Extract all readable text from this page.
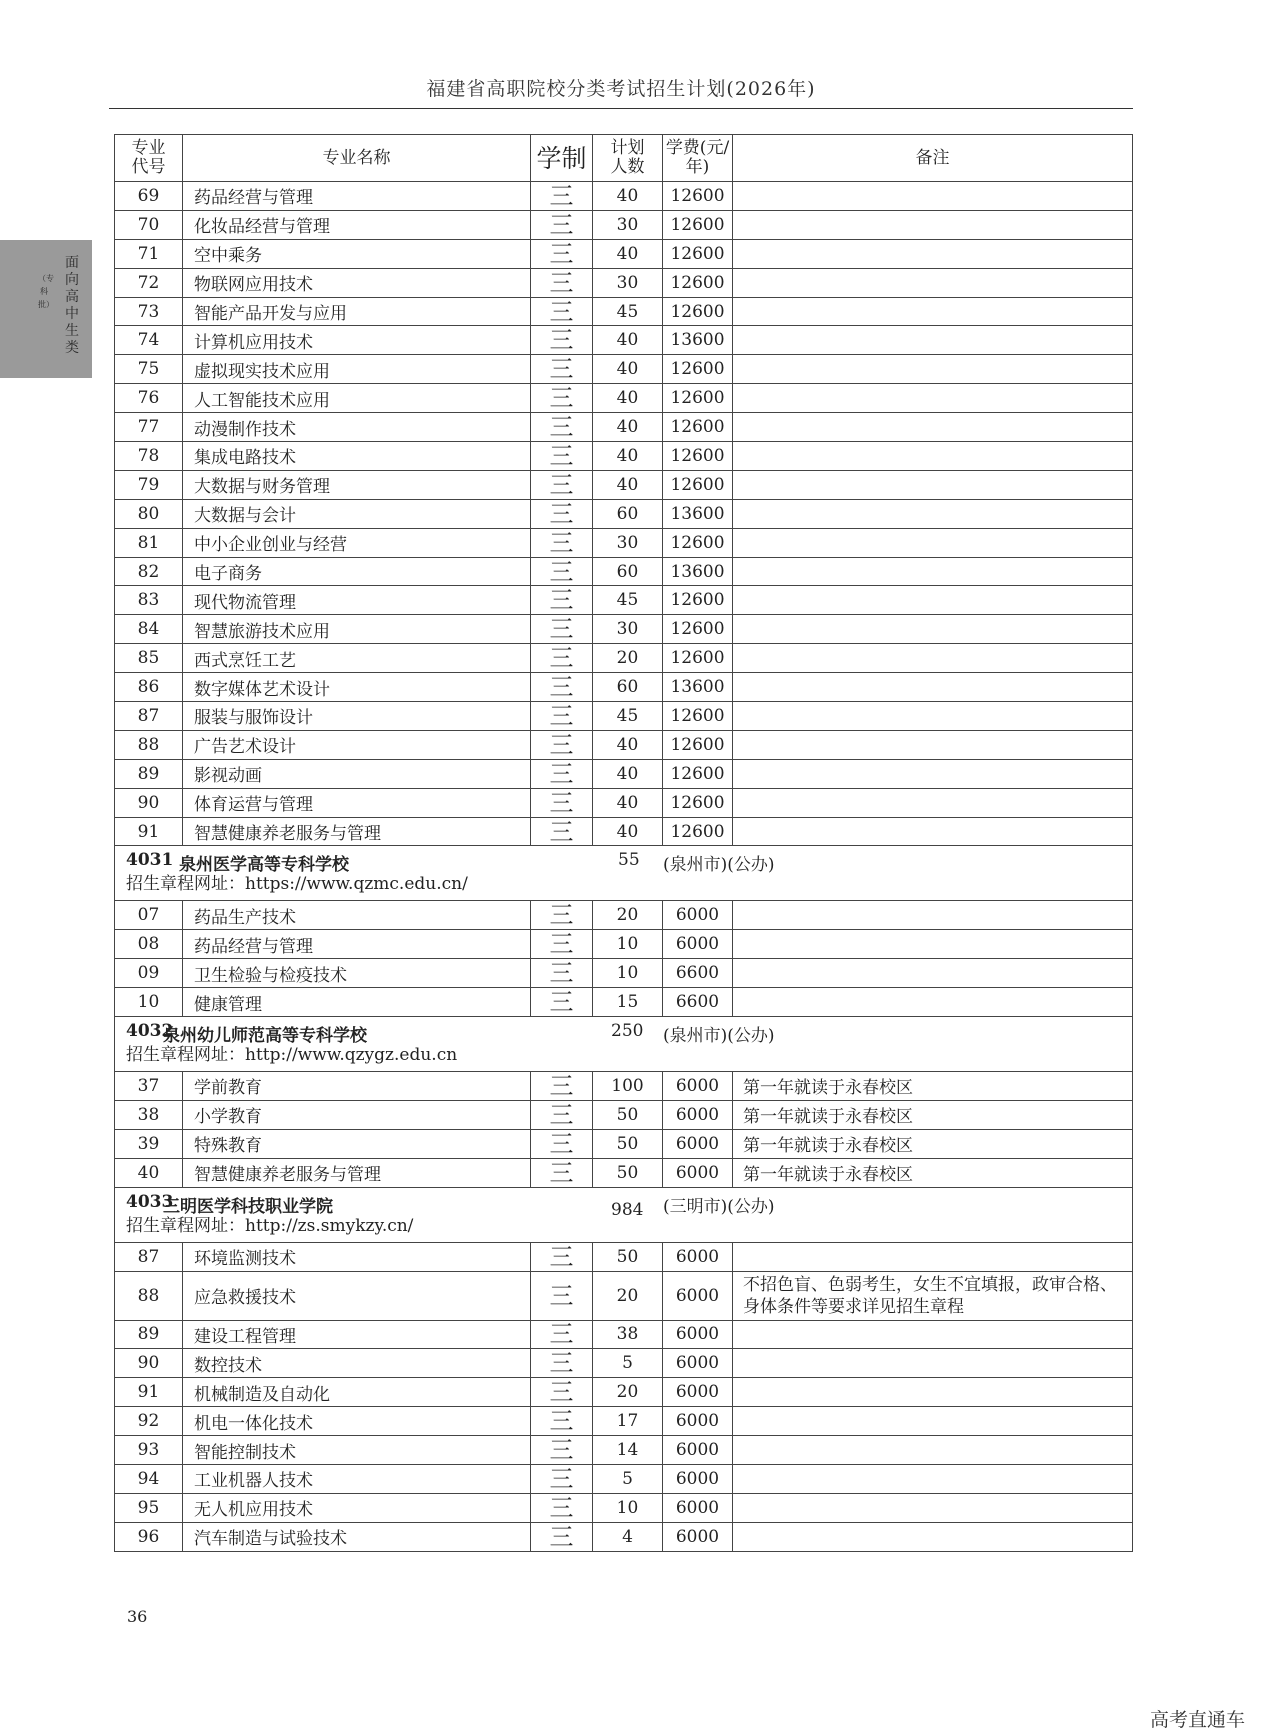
福建省高职院校分类考试招生计划(2026年)
面向高中生类
（专科批）
专业代号	专业名称	学制	计划人数	学费(元/年)	备注
69	药品经营与管理	三	40	12600	
70	化妆品经营与管理	三	30	12600	
71	空中乘务	三	40	12600	
72	物联网应用技术	三	30	12600	
73	智能产品开发与应用	三	45	12600	
74	计算机应用技术	三	40	13600	
75	虚拟现实技术应用	三	40	12600	
76	人工智能技术应用	三	40	12600	
77	动漫制作技术	三	40	12600	
78	集成电路技术	三	40	12600	
79	大数据与财务管理	三	40	12600	
80	大数据与会计	三	60	13600	
81	中小企业创业与经营	三	30	12600	
82	电子商务	三	60	13600	
83	现代物流管理	三	45	12600	
84	智慧旅游技术应用	三	30	12600	
85	西式烹饪工艺	三	20	12600	
86	数字媒体艺术设计	三	60	13600	
87	服装与服饰设计	三	45	12600	
88	广告艺术设计	三	40	12600	
89	影视动画	三	40	12600	
90	体育运营与管理	三	40	12600	
91	智慧健康养老服务与管理	三	40	12600	

4031 泉州医学高等专科学校 55 (泉州市)(公办)
招生章程网址：https://www.qzmc.edu.cn/					

07	药品生产技术	三	20	6000	
08	药品经营与管理	三	10	6000	
09	卫生检验与检疫技术	三	10	6600	
10	健康管理	三	15	6600	

4032
泉州幼儿师范高等专科学校 250 (泉州市)(公办)
招生章程网址：http://www.qzygz.edu.cn					

37	学前教育	三	100	6000	第一年就读于永春校区
38	小学教育	三	50	6000	第一年就读于永春校区
39	特殊教育	三	50	6000	第一年就读于永春校区
40	智慧健康养老服务与管理	三	50	6000	第一年就读于永春校区

4033
三明医学科技职业学院 984 (三明市)(公办)
招生章程网址：http://zs.smykzy.cn/					

87	环境监测技术	三	50	6000	
88	应急救援技术	三	20	6000	不招色盲、色弱考生，女生不宜填报，政审合格、身体条件等要求详见招生章程
89	建设工程管理	三	38	6000	
90	数控技术	三	5	6000	
91	机械制造及自动化	三	20	6000	
92	机电一体化技术	三	17	6000	
93	智能控制技术	三	14	6000	
94	工业机器人技术	三	5	6000	
95	无人机应用技术	三	10	6000	
96	汽车制造与试验技术	三	4	6000	
36
高考直通车
